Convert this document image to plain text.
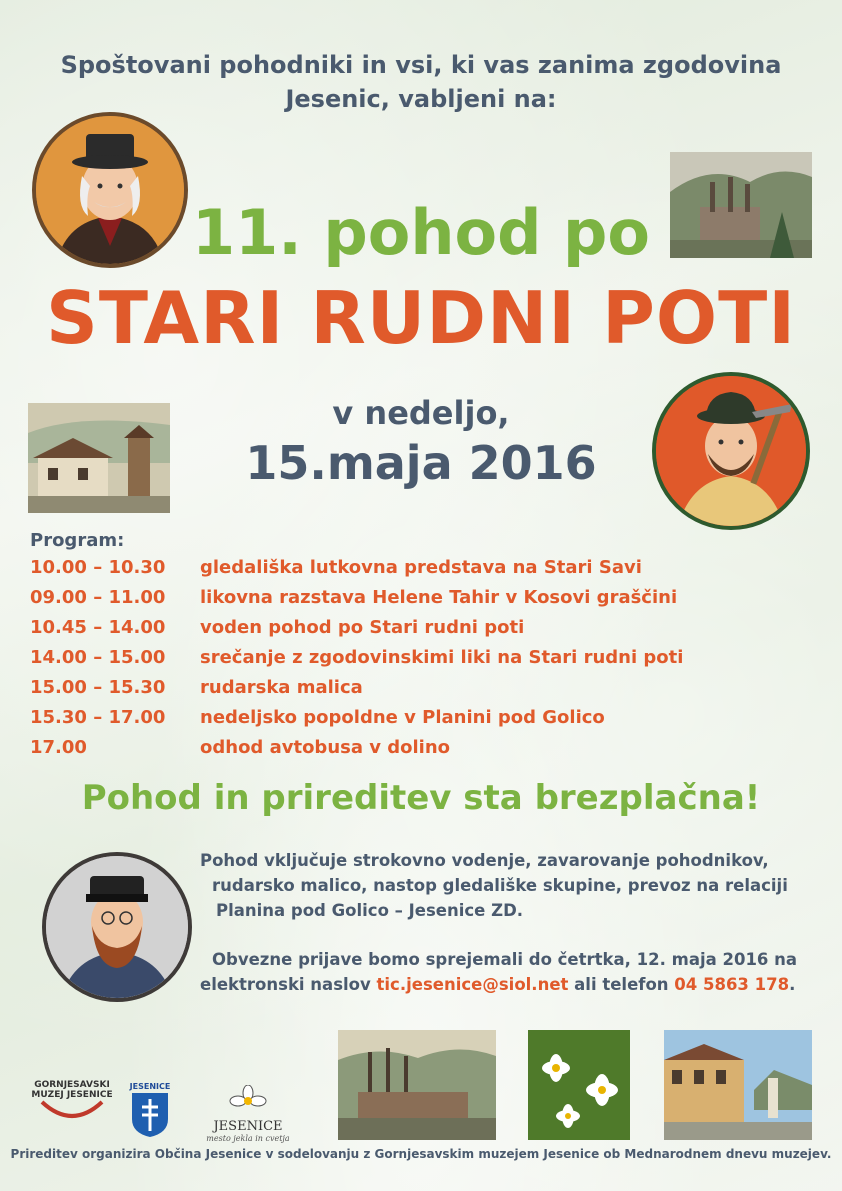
Spoštovani pohodniki in vsi, ki vas zanima zgodovina
Jesenic, vabljeni na:
11. pohod po
STARI RUDNI POTI
v nedeljo,
15.maja 2016
Program:
10.00 – 10.30	gledališka lutkovna predstava na Stari Savi
09.00 – 11.00	likovna razstava Helene Tahir v Kosovi graščini
10.45 – 14.00	voden pohod po Stari rudni poti
14.00 – 15.00	srečanje z zgodovinskimi liki na Stari rudni poti
15.00 – 15.30	rudarska malica
15.30 – 17.00	nedeljsko popoldne v Planini pod Golico
17.00	odhod avtobusa v dolino
Pohod in prireditev sta brezplačna!
Pohod vključuje strokovno vodenje, zavarovanje pohodnikov,
rudarsko malico, nastop gledališke skupine, prevoz na relaciji
Planina pod Golico – Jesenice ZD.
Obvezne prijave bomo sprejemali do četrtka, 12. maja 2016 na
elektronski naslov tic.jesenice@siol.net ali telefon 04 5863 178.
GORNJESAVSKI
MUZEJ JESENICE
JESENICE
JESENICE
mesto jekla in cvetja
Prireditev organizira Občina Jesenice v sodelovanju z Gornjesavskim muzejem Jesenice ob Mednarodnem dnevu muzejev.
